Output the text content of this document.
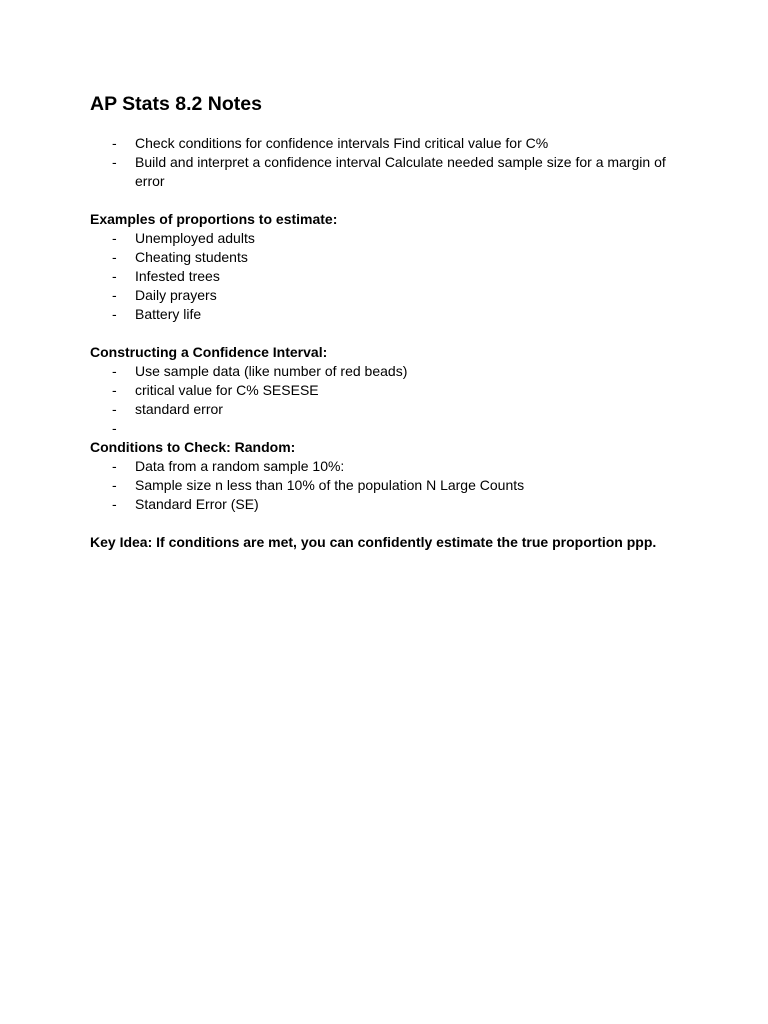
AP Stats 8.2 Notes
- Check conditions for confidence intervals Find critical value for C%
- Build and interpret a confidence interval Calculate needed sample size for a margin of error

Examples of proportions to estimate:

- Unemployed adults
- Cheating students
- Infested trees
- Daily prayers
- Battery life

Constructing a Confidence Interval:

- Use sample data (like number of red beads)
- critical value for C% SESESE
- standard error
-

Conditions to Check: Random:

- Data from a random sample 10%:
- Sample size n less than 10% of the population N Large Counts
- Standard Error (SE)

Key Idea: If conditions are met, you can confidently estimate the true proportion ppp.
